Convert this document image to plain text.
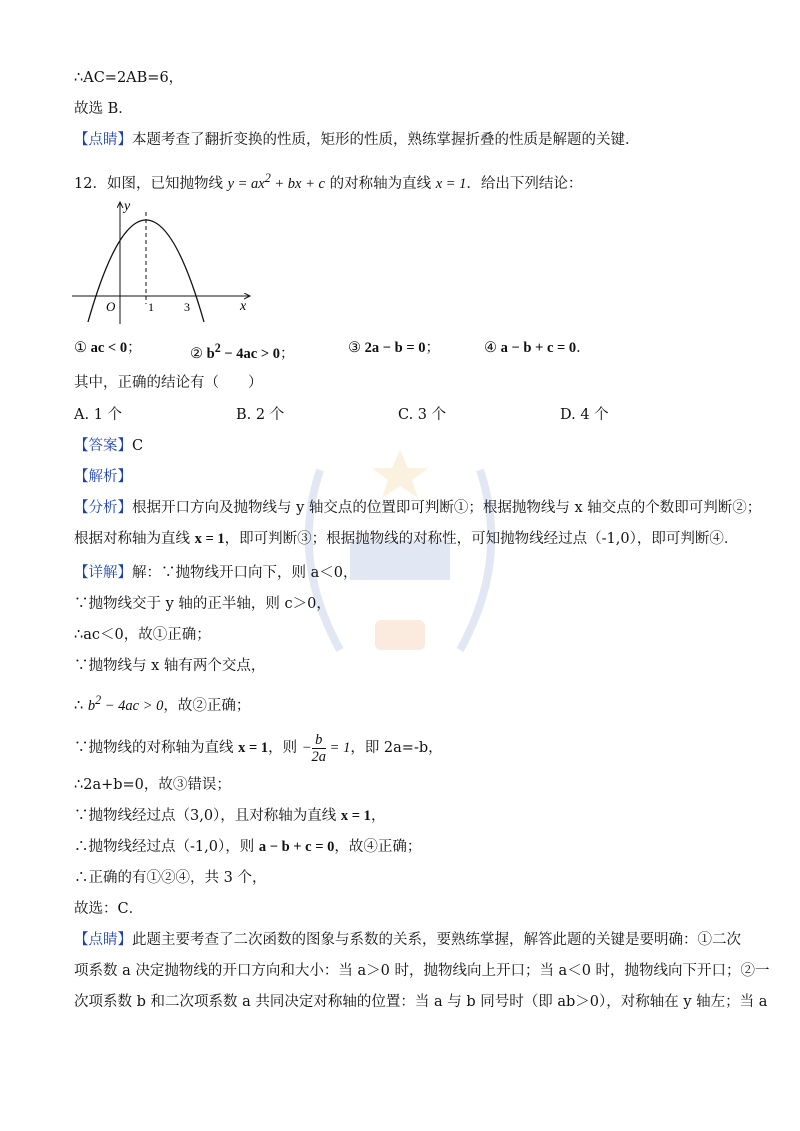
∴AC=2AB=6，
故选 B．
【点睛】本题考查了翻折变换的性质，矩形的性质，熟练掌握折叠的性质是解题的关键．
12．如图，已知抛物线 $y = ax^2$ + bx + c 的对称轴为直线 x = 1．给出下列结论：
y
x
O	1	3
① ac < 0；	② $b^2 - 4ac > 0$；	③ 2a − b = 0；	④ a − b + c = 0．
其中，正确的结论有（　　）
A. 1 个	B. 2 个	C. 3 个	D. 4 个
【答案】C
【解析】
【分析】根据开口方向及抛物线与 y 轴交点的位置即可判断①；根据抛物线与 x 轴交点的个数即可判断②；
根据对称轴为直线 x = 1，即可判断③；根据抛物线的对称性，可知抛物线经过点（-1,0），即可判断④．
【详解】解：∵抛物线开口向下，则 a＜0，
∵抛物线交于 y 轴的正半轴，则 c＞0，
∴ac＜0，故①正确；
∵抛物线与 x 轴有两个交点，
∴ $b^2 - 4ac > 0$，故②正确；
∵抛物线的对称轴为直线 x = 1，则 − $\frac{b}{2a} = 1$，即 2a=-b，
∴2a+b=0，故③错误；
∵抛物线经过点（3,0），且对称轴为直线 x = 1，
∴抛物线经过点（-1,0），则 a − b + c = 0，故④正确；
∴正确的有①②④，共 3 个，
故选：C．
【点睛】此题主要考查了二次函数的图象与系数的关系，要熟练掌握，解答此题的关键是要明确：①二次
项系数 a 决定抛物线的开口方向和大小：当 a＞0 时，抛物线向上开口；当 a＜0 时，抛物线向下开口；②一
次项系数 b 和二次项系数 a 共同决定对称轴的位置：当 a 与 b 同号时（即 ab＞0），对称轴在 y 轴左；当 a
